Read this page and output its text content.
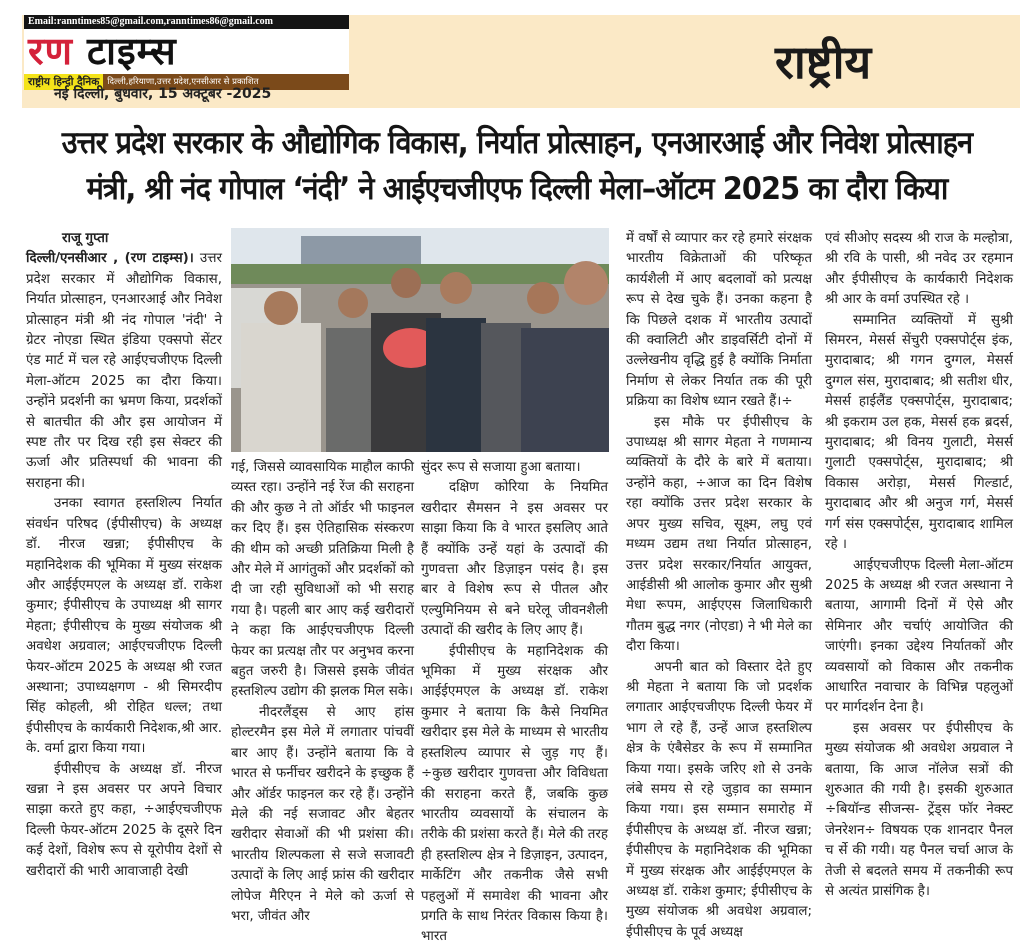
Email:ranntimes85@gmail.com,ranntimes86@gmail.com
रण टाइम्स
राष्ट्रीय हिन्दी दैनिक दिल्ली,हरियाणा,उत्तर प्रदेश,एनसीआर से प्रकाशित
नई दिल्ली, बुधवार, 15 अक्टूबर -2025
राष्ट्रीय
उत्तर प्रदेश सरकार के औद्योगिक विकास, निर्यात प्रोत्साहन, एनआरआई और निवेश प्रोत्साहन
मंत्री, श्री नंद गोपाल ‘नंदी’ ने आईएचजीएफ दिल्ली मेला–ऑटम 2025 का दौरा किया

राजू गुप्ता

दिल्ली/एनसीआर , (रण टाइम्स)। उत्तर प्रदेश सरकार में औद्योगिक विकास, निर्यात प्रोत्साहन, एनआरआई और निवेश प्रोत्साहन मंत्री श्री नंद गोपाल 'नंदी' ने ग्रेटर नोएडा स्थित इंडिया एक्सपो सेंटर एंड मार्ट में चल रहे आईएचजीएफ दिल्ली मेला-ऑटम 2025 का दौरा किया। उन्होंने प्रदर्शनी का भ्रमण किया, प्रदर्शकों से बातचीत की और इस आयोजन में स्पष्ट तौर पर दिख रही इस सेक्टर की ऊर्जा और प्रतिस्पर्धा की भावना की सराहना की।

उनका स्वागत हस्तशिल्प निर्यात संवर्धन परिषद (ईपीसीएच) के अध्यक्ष डॉ. नीरज खन्ना; ईपीसीएच के महानिदेशक की भूमिका में मुख्य संरक्षक और आईईएमएल के अध्यक्ष डॉ. राकेश कुमार; ईपीसीएच के उपाध्यक्ष श्री सागर मेहता; ईपीसीएच के मुख्य संयोजक श्री अवधेश अग्रवाल; आईएचजीएफ दिल्ली फेयर-ऑटम 2025 के अध्यक्ष श्री रजत अस्थाना; उपाध्यक्षगण - श्री सिमरदीप सिंह कोहली, श्री रोहित धल्ल; तथा ईपीसीएच के कार्यकारी निदेशक,श्री आर. के. वर्मा द्वारा किया गया।

ईपीसीएच के अध्यक्ष डॉ. नीरज खन्ना ने इस अवसर पर अपने विचार साझा करते हुए कहा, ÷आईएचजीएफ दिल्ली फेयर-ऑटम 2025 के दूसरे दिन कई देशों, विशेष रूप से यूरोपीय देशों से खरीदारों की भारी आवाजाही देखी

गई, जिससे व्यावसायिक माहौल काफी व्यस्त रहा। उन्होंने नई रेंज की सराहना की और कुछ ने तो ऑर्डर भी फाइनल कर दिए हैं। इस ऐतिहासिक संस्करण की थीम को अच्छी प्रतिक्रिया मिली है और मेले में आगंतुकों और प्रदर्शकों को दी जा रही सुविधाओं को भी सराह गया है। पहली बार आए कई खरीदारों ने कहा कि आईएचजीएफ दिल्ली फेयर का प्रत्यक्ष तौर पर अनुभव करना बहुत जरुरी है। जिससे इसके जीवंत हस्तशिल्प उद्योग की झलक मिल सके।

नीदरलैंड्स से आए हांस होल्टरमैन इस मेले में लगातार पांचवीं बार आए हैं। उन्होंने बताया कि वे भारत से फर्नीचर खरीदने के इच्छुक हैं और ऑर्डर फाइनल कर रहे हैं। उन्होंने मेले की नई सजावट और बेहतर खरीदार सेवाओं की भी प्रशंसा की। भारतीय शिल्पकला से सजे सजावटी उत्पादों के लिए आई फ्रांस की खरीदार लोपेज मैरिएन ने मेले को ऊर्जा से भरा, जीवंत और

सुंदर रूप से सजाया हुआ बताया।

दक्षिण कोरिया के नियमित खरीदार सैमसन ने इस अवसर पर साझा किया कि वे भारत इसलिए आते हैं क्योंकि उन्हें यहां के उत्पादों की गुणवत्ता और डिज़ाइन पसंद है। इस बार वे विशेष रूप से पीतल और एल्युमिनियम से बने घरेलू जीवनशैली उत्पादों की खरीद के लिए आए हैं।

ईपीसीएच के महानिदेशक की भूमिका में मुख्य संरक्षक और आईईएमएल के अध्यक्ष डॉ. राकेश कुमार ने बताया कि कैसे नियमित खरीदार इस मेले के माध्यम से भारतीय हस्तशिल्प व्यापार से जुड़ गए हैं। ÷कुछ खरीदार गुणवत्ता और विविधता की सराहना करते हैं, जबकि कुछ भारतीय व्यवसायों के संचालन के तरीके की प्रशंसा करते हैं। मेले की तरह ही हस्तशिल्प क्षेत्र ने डिज़ाइन, उत्पादन, मार्केटिंग और तकनीक जैसे सभी पहलुओं में समावेश की भावना और प्रगति के साथ निरंतर विकास किया है। भारत

में वर्षों से व्यापार कर रहे हमारे संरक्षक भारतीय विक्रेताओं की परिष्कृत कार्यशैली में आए बदलावों को प्रत्यक्ष रूप से देख चुके हैं। उनका कहना है कि पिछले दशक में भारतीय उत्पादों की क्वालिटी और डाइवर्सिटी दोनों में उल्लेखनीय वृद्धि हुई है क्योंकि निर्माता निर्माण से लेकर निर्यात तक की पूरी प्रक्रिया का विशेष ध्यान रखते हैं।÷

इस मौके पर ईपीसीएच के उपाध्यक्ष श्री सागर मेहता ने गणमान्य व्यक्तियों के दौरे के बारे में बताया। उन्होंने कहा, ÷आज का दिन विशेष रहा क्योंकि उत्तर प्रदेश सरकार के अपर मुख्य सचिव, सूक्ष्म, लघु एवं मध्यम उद्यम तथा निर्यात प्रोत्साहन, उत्तर प्रदेश सरकार/निर्यात आयुक्त, आईडीसी श्री आलोक कुमार और सुश्री मेधा रूपम, आईएएस जिलाधिकारी गौतम बुद्ध नगर (नोएडा) ने भी मेले का दौरा किया।

अपनी बात को विस्तार देते हुए श्री मेहता ने बताया कि जो प्रदर्शक लगातार आईएचजीएफ दिल्ली फेयर में भाग ले रहे हैं, उन्हें आज हस्तशिल्प क्षेत्र के एंबैसेडर के रूप में सम्मानित किया गया। इसके जरिए शो से उनके लंबे समय से रहे जुड़ाव का सम्मान किया गया। इस सम्मान समारोह में ईपीसीएच के अध्यक्ष डॉ. नीरज खन्ना; ईपीसीएच के महानिदेशक की भूमिका में मुख्य संरक्षक और आईईएमएल के अध्यक्ष डॉ. राकेश कुमार; ईपीसीएच के मुख्य संयोजक श्री अवधेश अग्रवाल; ईपीसीएच के पूर्व अध्यक्ष

एवं सीओए सदस्य श्री राज के मल्होत्रा, श्री रवि के पासी, श्री नवेद उर रहमान और ईपीसीएच के कार्यकारी निदेशक श्री आर के वर्मा उपस्थित रहे ।

सम्मानित व्यक्तियों में सुश्री सिमरन, मेसर्स सेंचुरी एक्सपोर्ट्स इंक, मुरादाबाद; श्री गगन दुग्गल, मेसर्स दुग्गल संस, मुरादाबाद; श्री सतीश धीर, मेसर्स हाईलैंड एक्सपोर्ट्स, मुरादाबाद; श्री इकराम उल हक, मेसर्स हक ब्रदर्स, मुरादाबाद; श्री विनय गुलाटी, मेसर्स गुलाटी एक्सपोर्ट्स, मुरादाबाद; श्री विकास अरोड़ा, मेसर्स गिल्डार्ट, मुरादाबाद और श्री अनुज गर्ग, मेसर्स गर्ग संस एक्सपोर्ट्स, मुरादाबाद शामिल रहे ।

आईएचजीएफ दिल्ली मेला-ऑटम 2025 के अध्यक्ष श्री रजत अस्थाना ने बताया, आगामी दिनों में ऐसे और सेमिनार और चर्चाएं आयोजित की जाएंगी। इनका उद्देश्य निर्यातकों और व्यवसायों को विकास और तकनीक आधारित नवाचार के विभिन्न पहलुओं पर मार्गदर्शन देना है।

इस अवसर पर ईपीसीएच के मुख्य संयोजक श्री अवधेश अग्रवाल ने बताया, कि आज नॉलेज सत्रों की शुरुआत की गयी है। इसकी शुरुआत ÷बियॉन्ड सीजन्स- ट्रेंड्स फॉर नेक्स्ट जेनरेशन÷ विषयक एक शानदार पैनल च र्से की गयी। यह पैनल चर्चा आज के तेजी से बदलते समय में तकनीकी रूप से अत्यंत प्रासंगिक है।
